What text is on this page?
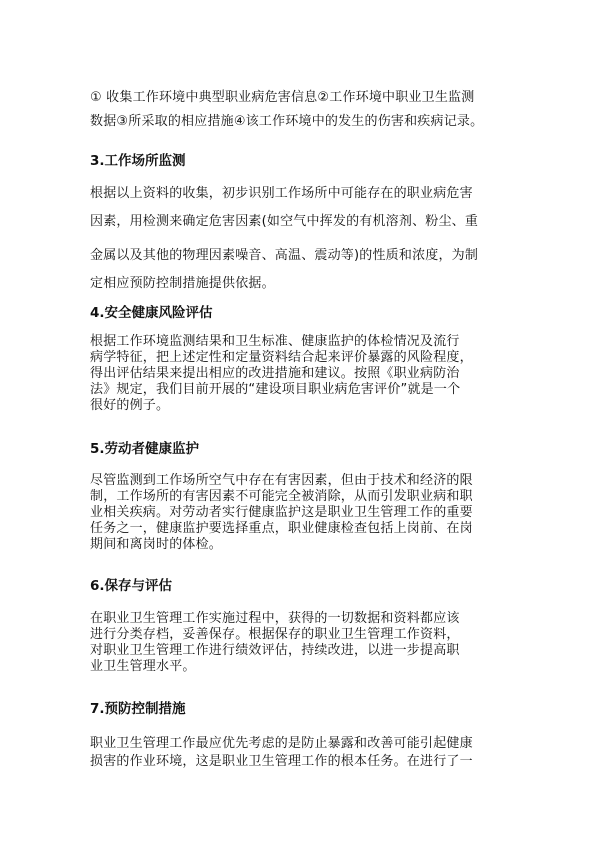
① 收集工作环境中典型职业病危害信息②工作环境中职业卫生监测
数据③所采取的相应措施④该工作环境中的发生的伤害和疾病记录。
3.工作场所监测
根据以上资料的收集，初步识别工作场所中可能存在的职业病危害
因素，用检测来确定危害因素(如空气中挥发的有机溶剂、粉尘、重
金属以及其他的物理因素噪音、高温、震动等)的性质和浓度，为制
定相应预防控制措施提供依据。
4.安全健康风险评估
根据工作环境监测结果和卫生标准、健康监护的体检情况及流行
病学特征，把上述定性和定量资料结合起来评价暴露的风险程度，
得出评估结果来提出相应的改进措施和建议。按照《职业病防治
法》规定，我们目前开展的“建设项目职业病危害评价”就是一个
很好的例子。
5.劳动者健康监护
尽管监测到工作场所空气中存在有害因素，但由于技术和经济的限
制，工作场所的有害因素不可能完全被消除，从而引发职业病和职
业相关疾病。对劳动者实行健康监护这是职业卫生管理工作的重要
任务之一，健康监护要选择重点，职业健康检查包括上岗前、在岗
期间和离岗时的体检。
6.保存与评估
在职业卫生管理工作实施过程中，获得的一切数据和资料都应该
进行分类存档，妥善保存。根据保存的职业卫生管理工作资料，
对职业卫生管理工作进行绩效评估，持续改进，以进一步提高职
业卫生管理水平。
7.预防控制措施
职业卫生管理工作最应优先考虑的是防止暴露和改善可能引起健康
损害的作业环境，这是职业卫生管理工作的根本任务。在进行了一
